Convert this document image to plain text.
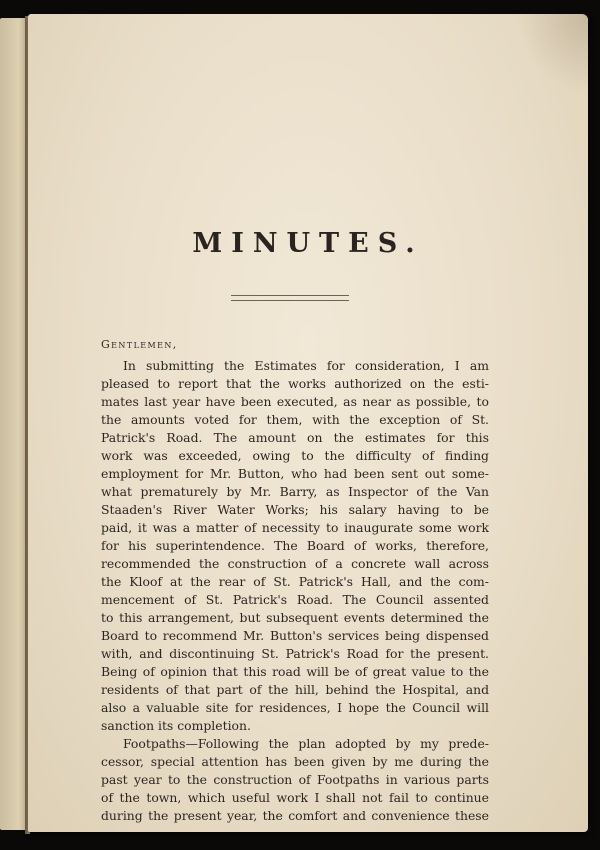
MINUTES.

Gentlemen,

In submitting the Estimates for consideration, I am
pleased to report that the works authorized on the esti-
mates last year have been executed, as near as possible, to
the amounts voted for them, with the exception of St.
Patrick's Road. The amount on the estimates for this
work was exceeded, owing to the difficulty of finding
employment for Mr. Button, who had been sent out some-
what prematurely by Mr. Barry, as Inspector of the Van
Staaden's River Water Works; his salary having to be
paid, it was a matter of necessity to inaugurate some work
for his superintendence. The Board of works, therefore,
recommended the construction of a concrete wall across
the Kloof at the rear of St. Patrick's Hall, and the com-
mencement of St. Patrick's Road. The Council assented
to this arrangement, but subsequent events determined the
Board to recommend Mr. Button's services being dispensed
with, and discontinuing St. Patrick's Road for the present.
Being of opinion that this road will be of great value to the
residents of that part of the hill, behind the Hospital, and
also a valuable site for residences, I hope the Council will
sanction its completion.
Footpaths—Following the plan adopted by my prede-
cessor, special attention has been given by me during the
past year to the construction of Footpaths in various parts
of the town, which useful work I shall not fail to continue
during the present year, the comfort and convenience these
